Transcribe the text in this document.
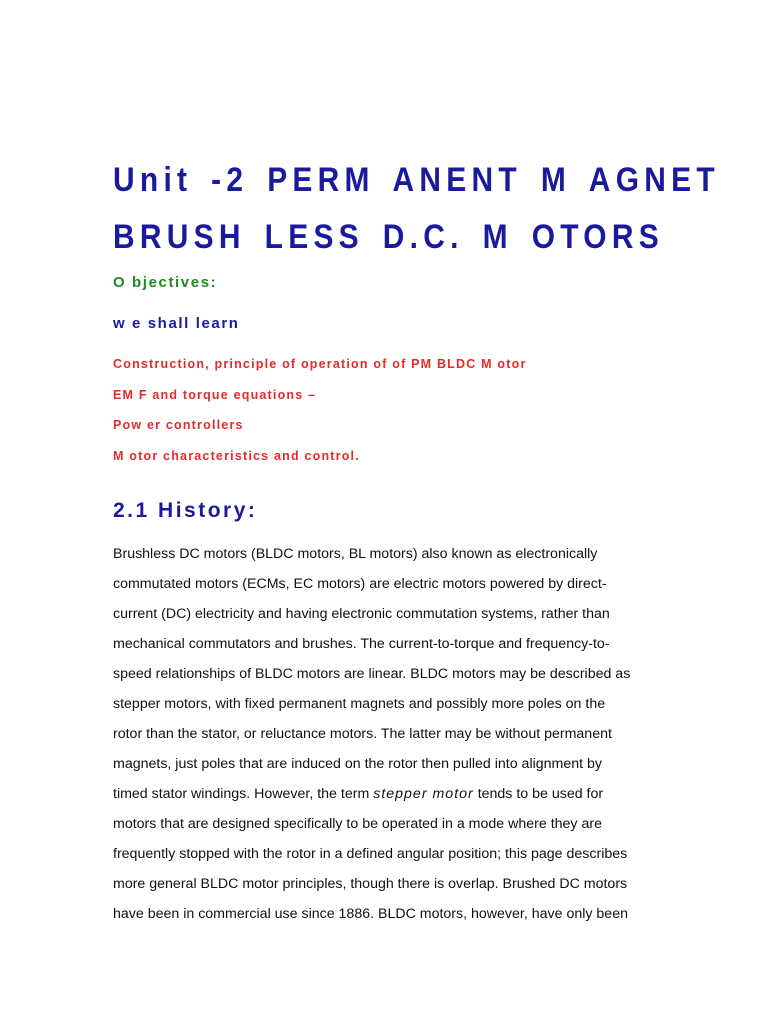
Unit -2 PERM ANENT M AGNET
BRUSH LESS D.C. M OTORS
O bjectives:
w e shall learn
Construction, principle of operation of of PM BLDC M otor
EM F and torque equations –
Pow er controllers
M otor characteristics and control.
2.1 History:
Brushless DC motors (BLDC motors, BL motors) also known as electronically
commutated motors (ECMs, EC motors) are electric motors powered by direct-
current (DC) electricity and having electronic commutation systems, rather than
mechanical commutators and brushes. The current-to-torque and frequency-to-
speed relationships of BLDC motors are linear. BLDC motors may be described as
stepper motors, with fixed permanent magnets and possibly more poles on the
rotor than the stator, or reluctance motors. The latter may be without permanent
magnets, just poles that are induced on the rotor then pulled into alignment by
timed stator windings. However, the term stepper motor tends to be used for
motors that are designed specifically to be operated in a mode where they are
frequently stopped with the rotor in a defined angular position; this page describes
more general BLDC motor principles, though there is overlap. Brushed DC motors
have been in commercial use since 1886. BLDC motors, however, have only been
